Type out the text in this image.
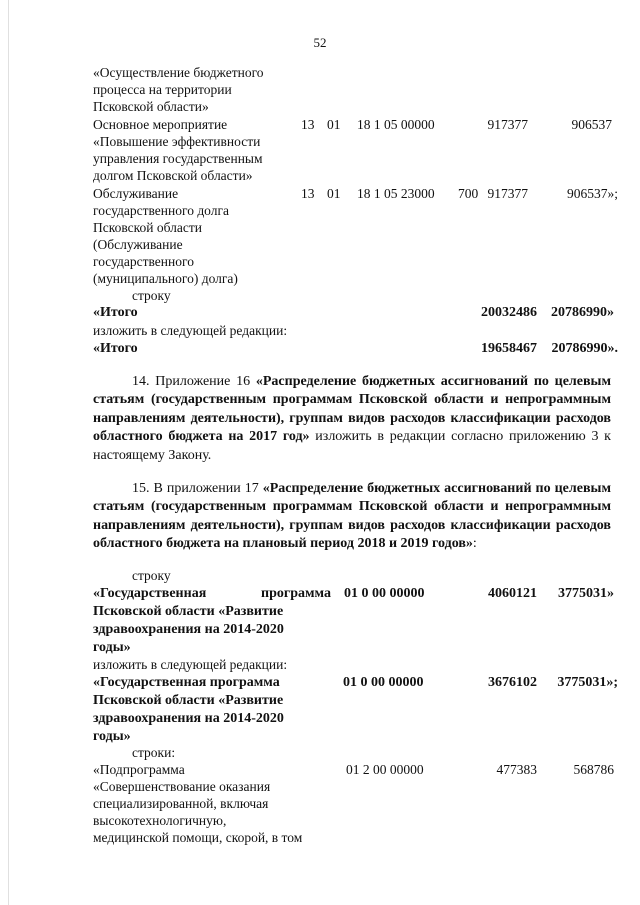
52
«Осуществление бюджетного
процесса на территории
Псковской области»
Основное мероприятие
«Повышение эффективности
управления государственным
долгом Псковской области»
13 01 18 1 05 00000	917377	906537
Обслуживание
государственного долга
Псковской области
(Обслуживание
государственного
(муниципального) долга)
13 01 18 1 05 23000 700 917377	906537»;
строку
«Итого	20032486 20786990»
изложить в следующей редакции:
«Итого	19658467 20786990».

14. Приложение 16 «Распределение бюджетных ассигнований по целевым статьям (государственным программам Псковской области и непрограммным направлениям деятельности), группам видов расходов классификации расходов областного бюджета на 2017 год» изложить в редакции согласно приложению 3 к настоящему Закону.

15. В приложении 17 «Распределение бюджетных ассигнований по целевым статьям (государственным программам Псковской области и непрограммным направлениям деятельности), группам видов расходов классификации расходов областного бюджета на плановый период 2018 и 2019 годов»:

строку
«Государственная	программа
Псковской области «Развитие
здравоохранения на 2014-2020
годы»
01 0 00 00000	4060121 3775031»
изложить в следующей редакции:
«Государственная программа
Псковской области «Развитие
здравоохранения на 2014-2020
годы»
01 0 00 00000	3676102 3775031»;
строки:
«Подпрограмма
«Совершенствование оказания
специализированной, включая
высокотехнологичную,
медицинской помощи, скорой, в том
01 2 00 00000	477383	568786
